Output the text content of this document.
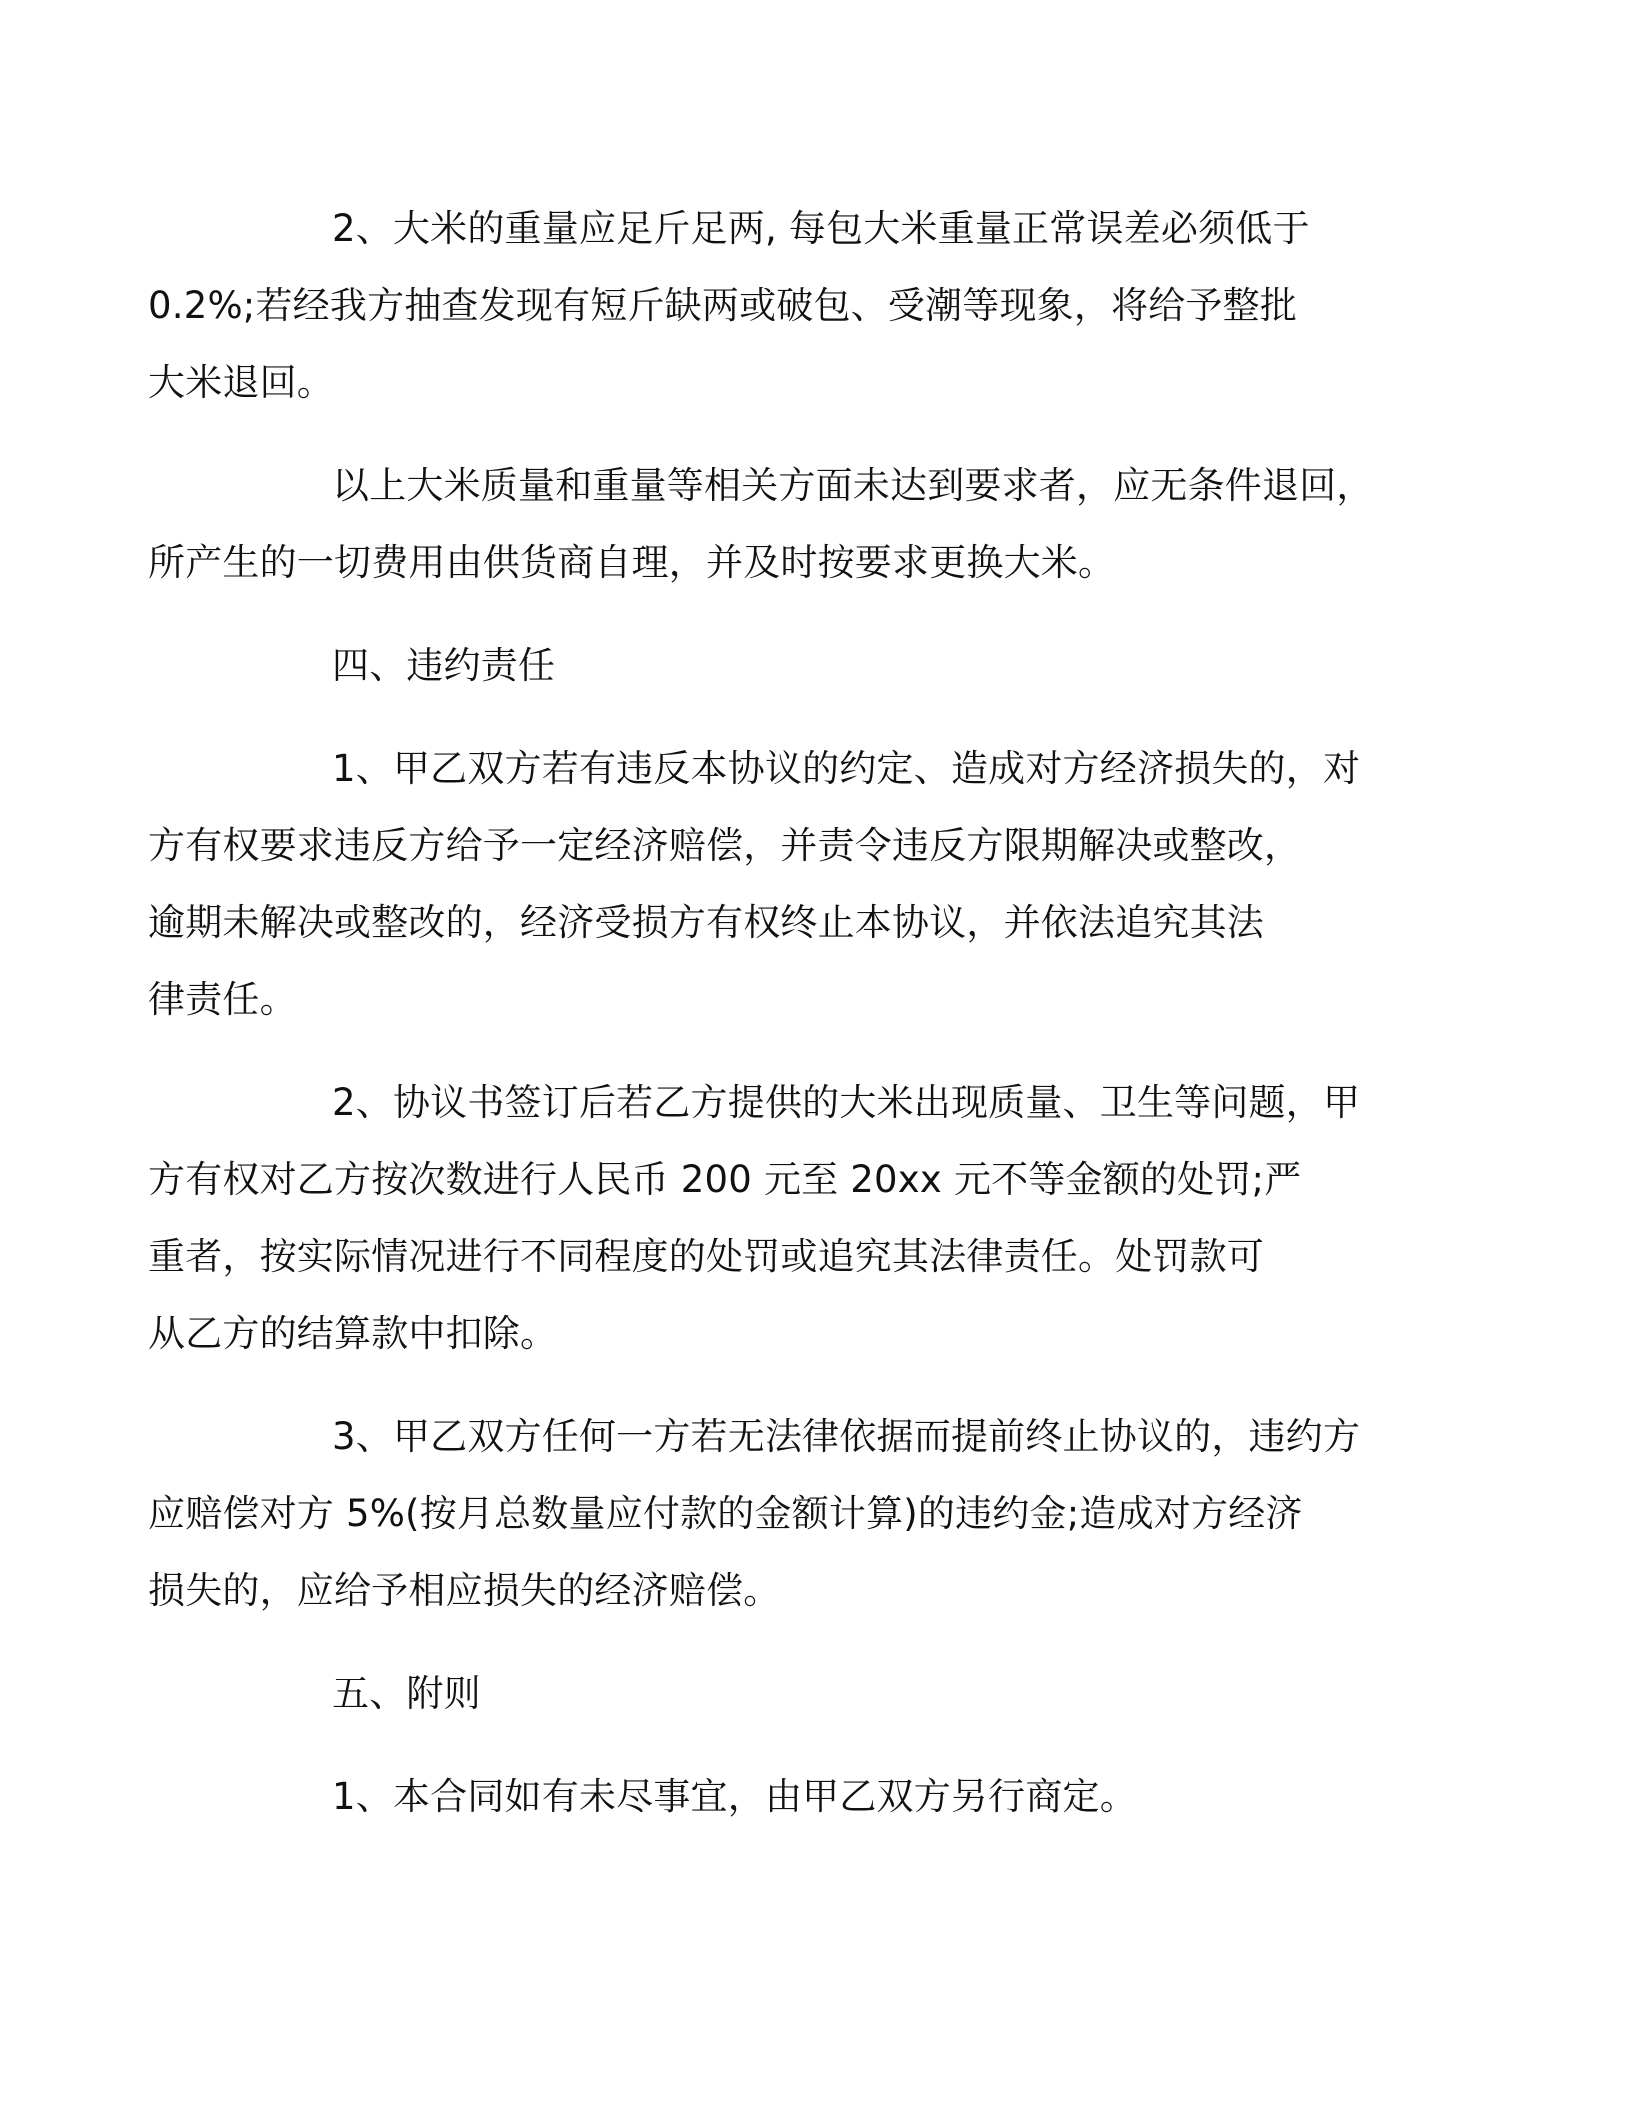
2、大米的重量应足斤足两, 每包大米重量正常误差必须低于
0.2%;若经我方抽查发现有短斤缺两或破包、受潮等现象，将给予整批
大米退回。

以上大米质量和重量等相关方面未达到要求者，应无条件退回，
所产生的一切费用由供货商自理，并及时按要求更换大米。

四、违约责任

1、甲乙双方若有违反本协议的约定、造成对方经济损失的，对
方有权要求违反方给予一定经济赔偿，并责令违反方限期解决或整改，
逾期未解决或整改的，经济受损方有权终止本协议，并依法追究其法
律责任。

2、协议书签订后若乙方提供的大米出现质量、卫生等问题，甲
方有权对乙方按次数进行人民币 200 元至 20xx 元不等金额的处罚;严
重者，按实际情况进行不同程度的处罚或追究其法律责任。处罚款可
从乙方的结算款中扣除。

3、甲乙双方任何一方若无法律依据而提前终止协议的，违约方
应赔偿对方 5%(按月总数量应付款的金额计算)的违约金;造成对方经济
损失的，应给予相应损失的经济赔偿。

五、附则

1、本合同如有未尽事宜，由甲乙双方另行商定。
